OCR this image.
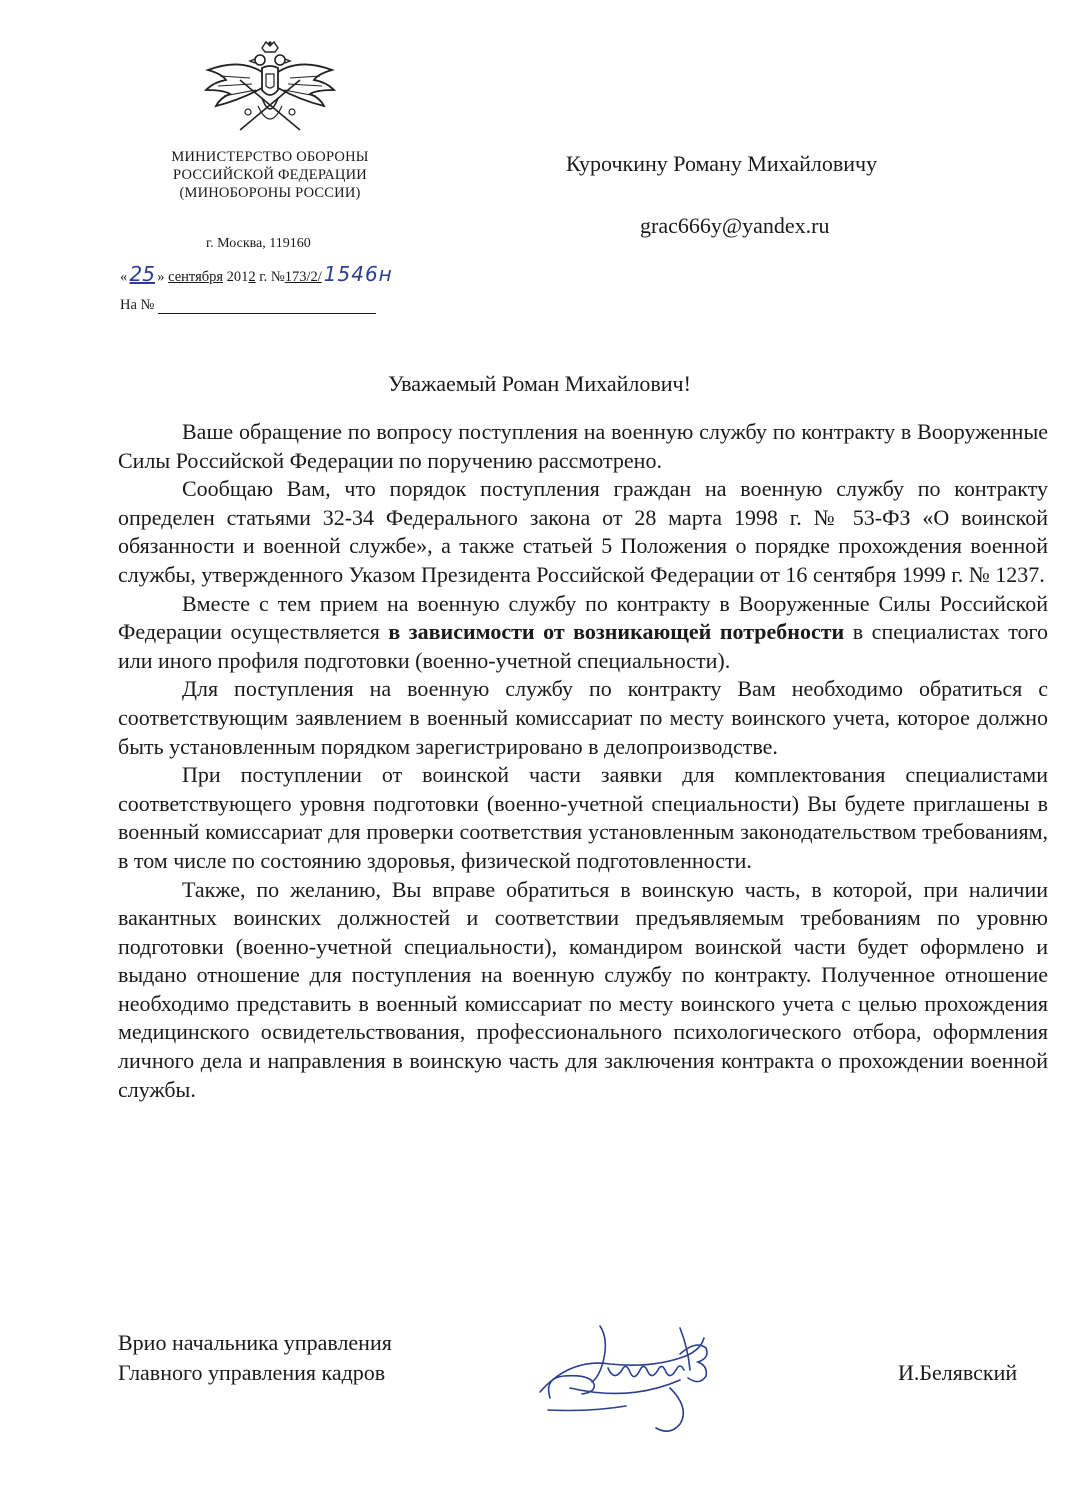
МИНИСТЕРСТВО ОБОРОНЫ
РОССИЙСКОЙ ФЕДЕРАЦИИ
(МИНОБОРОНЫ РОССИИ)
г. Москва, 119160
« 25 » сентября 2012 г. №173/2/ 1546н
На №
Курочкину Роману Михайловичу
grac666y@yandex.ru
Уважаемый Роман Михайлович!

Ваше обращение по вопросу поступления на военную службу по контракту в Вооруженные Силы Российской Федерации по поручению рассмотрено.

Сообщаю Вам, что порядок поступления граждан на военную службу по контракту определен статьями 32-34 Федерального закона от 28 марта 1998 г. № 53-ФЗ «О воинской обязанности и военной службе», а также статьей 5 Положения о порядке прохождения военной службы, утвержденного Указом Президента Российской Федерации от 16 сентября 1999 г. № 1237.

Вместе с тем прием на военную службу по контракту в Вооруженные Силы Российской Федерации осуществляется в зависимости от возникающей потребности в специалистах того или иного профиля подготовки (военно-учетной специальности).

Для поступления на военную службу по контракту Вам необходимо обратиться с соответствующим заявлением в военный комиссариат по месту воинского учета, которое должно быть установленным порядком зарегистрировано в делопроизводстве.

При поступлении от воинской части заявки для комплектования специалистами соответствующего уровня подготовки (военно-учетной специальности) Вы будете приглашены в военный комиссариат для проверки соответствия установленным законодательством требованиям, в том числе по состоянию здоровья, физической подготовленности.

Также, по желанию, Вы вправе обратиться в воинскую часть, в которой, при наличии вакантных воинских должностей и соответствии предъявляемым требованиям по уровню подготовки (военно-учетной специальности), командиром воинской части будет оформлено и выдано отношение для поступления на военную службу по контракту. Полученное отношение необходимо представить в военный комиссариат по месту воинского учета с целью прохождения медицинского освидетельствования, профессионального психологического отбора, оформления личного дела и направления в воинскую часть для заключения контракта о прохождении военной службы.

Врио начальника управления
Главного управления кадров	И.Белявский
